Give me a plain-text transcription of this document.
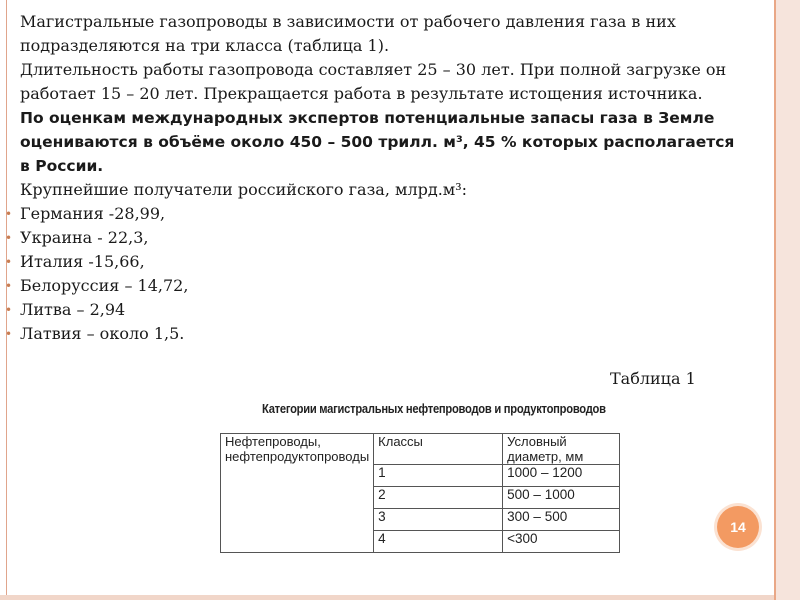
Магистральные газопроводы в зависимости от рабочего давления газа в них подразделяются на три класса (таблица 1).

Длительность работы газопровода составляет 25 – 30 лет. При полной загрузке он работает 15 – 20 лет. Прекращается работа в результате истощения источника.

По оценкам международных экспертов потенциальные запасы газа в Земле оцениваются в объёме около 450 – 500 трилл. м³, 45 % которых располагается в России.

Крупнейшие получатели российского газа, млрд.м³:

• Германия -28,99,
• Украина - 22,3,
• Италия -15,66,
• Белоруссия – 14,72,
• Литва – 2,94
• Латвия – около 1,5.
Таблица 1
Категории магистральных нефтепроводов и продуктопроводов
Нефтепроводы, нефтепродуктопроводы	Классы	Условный диаметр, мм
	1	1000 – 1200
	2	500 – 1000
	3	300 – 500
	4	<300
14
